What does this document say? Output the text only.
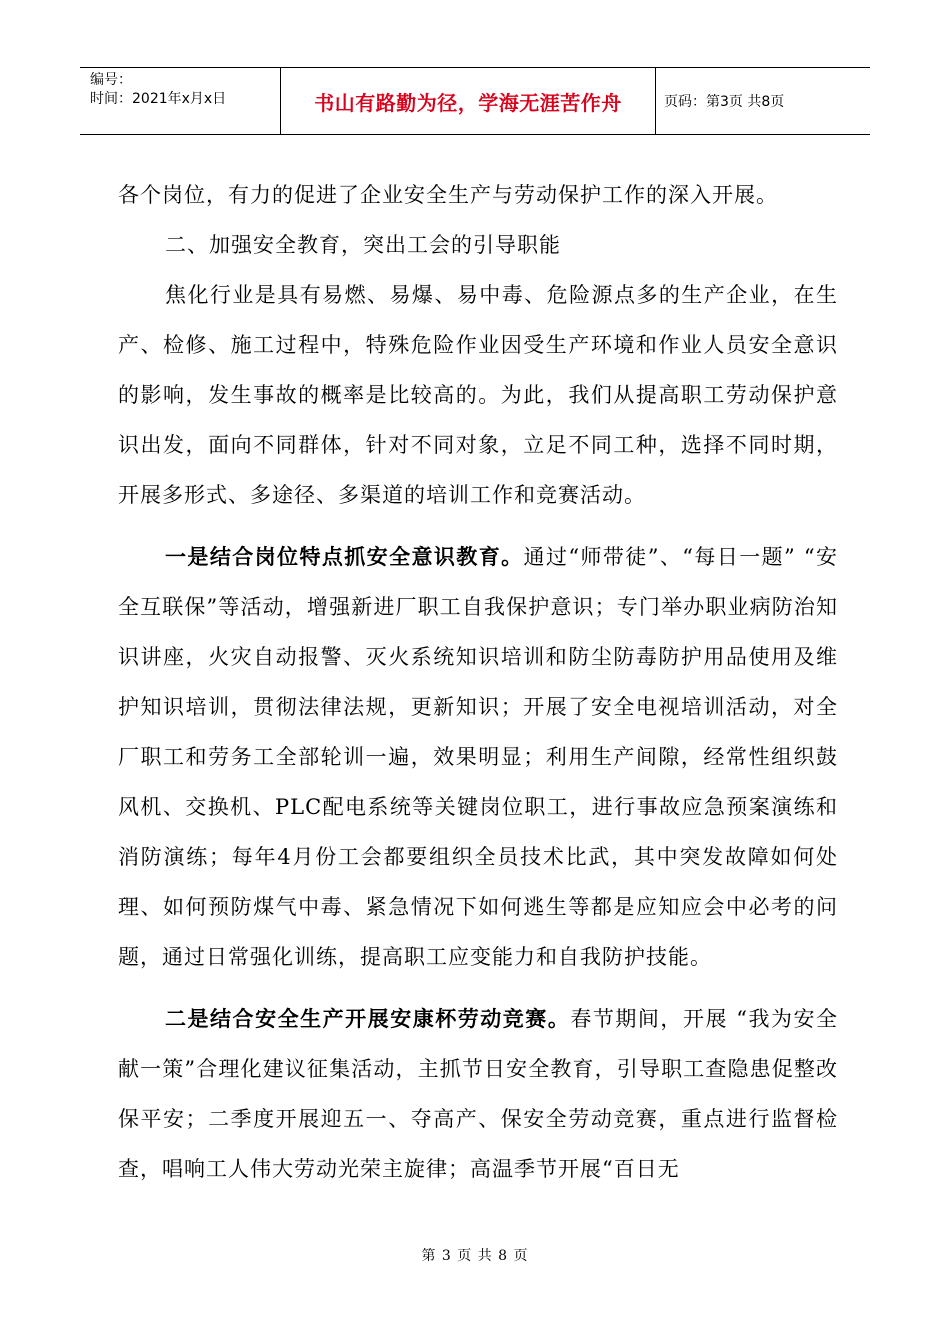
编号：
时间：2021年x月x日	书山有路勤为径，学海无涯苦作舟	页码：第3页 共8页

各个岗位，有力的促进了企业安全生产与劳动保护工作的深入开展。

二、加强安全教育，突出工会的引导职能

焦化行业是具有易燃、易爆、易中毒、危险源点多的生产企业，在生产、检修、施工过程中，特殊危险作业因受生产环境和作业人员安全意识的影响，发生事故的概率是比较高的。为此，我们从提高职工劳动保护意识出发，面向不同群体，针对不同对象，立足不同工种，选择不同时期，开展多形式、多途径、多渠道的培训工作和竞赛活动。

一是结合岗位特点抓安全意识教育。通过“师带徒”、“每日一题” “安全互联保”等活动，增强新进厂职工自我保护意识；专门举办职业病防治知识讲座，火灾自动报警、灭火系统知识培训和防尘防毒防护用品使用及维护知识培训，贯彻法律法规，更新知识；开展了安全电视培训活动，对全厂职工和劳务工全部轮训一遍，效果明显；利用生产间隙，经常性组织鼓风机、交换机、PLC配电系统等关键岗位职工，进行事故应急预案演练和消防演练；每年4月份工会都要组织全员技术比武，其中突发故障如何处理、如何预防煤气中毒、紧急情况下如何逃生等都是应知应会中必考的问题，通过日常强化训练，提高职工应变能力和自我防护技能。

二是结合安全生产开展安康杯劳动竞赛。春节期间，开展 “我为安全献一策”合理化建议征集活动，主抓节日安全教育，引导职工查隐患促整改保平安；二季度开展迎五一、夺高产、保安全劳动竞赛，重点进行监督检查，唱响工人伟大劳动光荣主旋律；高温季节开展“百日无

第 3 页 共 8 页
